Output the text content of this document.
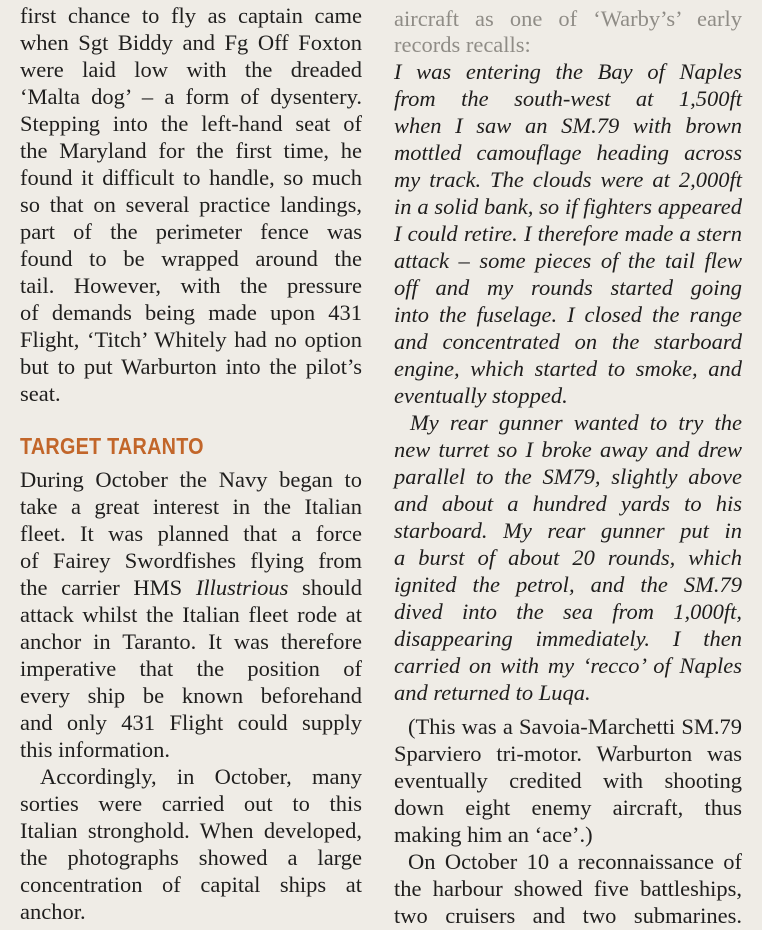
first chance to fly as captain came
when Sgt Biddy and Fg Off Foxton
were laid low with the dreaded
‘Malta dog’ – a form of dysentery.
Stepping into the left-hand seat of
the Maryland for the first time, he
found it difficult to handle, so much
so that on several practice landings,
part of the perimeter fence was
found to be wrapped around the
tail. However, with the pressure
of demands being made upon 431
Flight, ‘Titch’ Whitely had no option
but to put Warburton into the pilot’s
seat.
TARGET TARANTO
During October the Navy began to
take a great interest in the Italian
fleet. It was planned that a force
of Fairey Swordfishes flying from
the carrier HMS Illustrious should
attack whilst the Italian fleet rode at
anchor in Taranto. It was therefore
imperative that the position of
every ship be known beforehand
and only 431 Flight could supply
this information.
Accordingly, in October, many
sorties were carried out to this
Italian stronghold. When developed,
the photographs showed a large
concentration of capital ships at
anchor.
aircraft as one of ‘Warby’s’ early
records recalls:
I was entering the Bay of Naples
from the south-west at 1,500ft
when I saw an SM.79 with brown
mottled camouflage heading across
my track. The clouds were at 2,000ft
in a solid bank, so if fighters appeared
I could retire. I therefore made a stern
attack – some pieces of the tail flew
off and my rounds started going
into the fuselage. I closed the range
and concentrated on the starboard
engine, which started to smoke, and
eventually stopped.
My rear gunner wanted to try the
new turret so I broke away and drew
parallel to the SM79, slightly above
and about a hundred yards to his
starboard. My rear gunner put in
a burst of about 20 rounds, which
ignited the petrol, and the SM.79
dived into the sea from 1,000ft,
disappearing immediately. I then
carried on with my ‘recco’ of Naples
and returned to Luqa.
(This was a Savoia-Marchetti SM.79
Sparviero tri-motor. Warburton was
eventually credited with shooting
down eight enemy aircraft, thus
making him an ‘ace’.)
On October 10 a reconnaissance of
the harbour showed five battleships,
two cruisers and two submarines.
